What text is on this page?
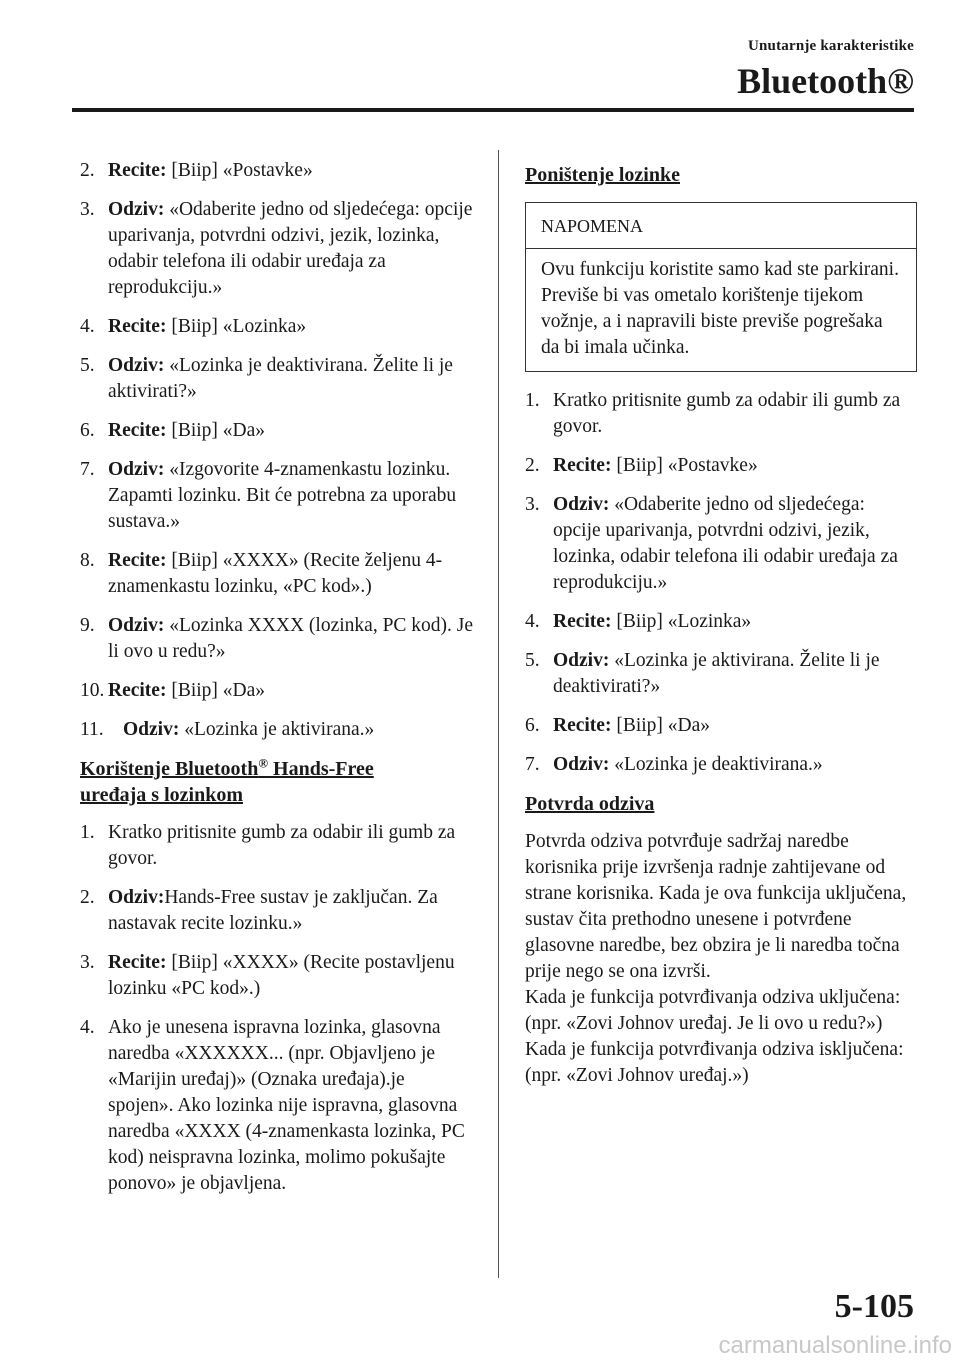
Unutarnje karakteristike
Bluetooth®
2. Recite: [Biip] «Postavke»
3. Odziv: «Odaberite jedno od sljedećega: opcije uparivanja, potvrdni odzivi, jezik, lozinka, odabir telefona ili odabir uređaja za reprodukciju.»
4. Recite: [Biip] «Lozinka»
5. Odziv: «Lozinka je deaktivirana. Želite li je aktivirati?»
6. Recite: [Biip] «Da»
7. Odziv: «Izgovorite 4-znamenkastu lozinku. Zapamti lozinku. Bit će potrebna za uporabu sustava.»
8. Recite: [Biip] «XXXX» (Recite željenu 4-znamenkastu lozinku, «PC kod».)
9. Odziv: «Lozinka XXXX (lozinka, PC kod). Je li ovo u redu?»
10. Recite: [Biip] «Da»
11. Odziv: «Lozinka je aktivirana.»
Korištenje Bluetooth® Hands-Free
uređaja s lozinkom
1. Kratko pritisnite gumb za odabir ili gumb za govor.
2. Odziv:Hands-Free sustav je zaključan. Za nastavak recite lozinku.»
3. Recite: [Biip] «XXXX» (Recite postavljenu lozinku «PC kod».)
4. Ako je unesena ispravna lozinka, glasovna naredba «XXXXXX... (npr. Objavljeno je «Marijin uređaj)» (Oznaka uređaja).je spojen». Ako lozinka nije ispravna, glasovna naredba «XXXX (4-znamenkasta lozinka, PC kod) neispravna lozinka, molimo pokušajte ponovo» je objavljena.
Poništenje lozinke
NAPOMENA
Ovu funkciju koristite samo kad ste parkirani. Previše bi vas ometalo korištenje tijekom vožnje, a i napravili biste previše pogrešaka da bi imala učinka.
1. Kratko pritisnite gumb za odabir ili gumb za govor.
2. Recite: [Biip] «Postavke»
3. Odziv: «Odaberite jedno od sljedećega: opcije uparivanja, potvrdni odzivi, jezik, lozinka, odabir telefona ili odabir uređaja za reprodukciju.»
4. Recite: [Biip] «Lozinka»
5. Odziv: «Lozinka je aktivirana. Želite li je deaktivirati?»
6. Recite: [Biip] «Da»
7. Odziv: «Lozinka je deaktivirana.»
Potvrda odziva

Potvrda odziva potvrđuje sadržaj naredbe korisnika prije izvršenja radnje zahtijevane od strane korisnika. Kada je ova funkcija uključena, sustav čita prethodno unesene i potvrđene glasovne naredbe, bez obzira je li naredba točna prije nego se ona izvrši.

Kada je funkcija potvrđivanja odziva uključena: (npr. «Zovi Johnov uređaj. Je li ovo u redu?»)

Kada je funkcija potvrđivanja odziva isključena: (npr. «Zovi Johnov uređaj.»)

5-105
carmanualsonline.info
